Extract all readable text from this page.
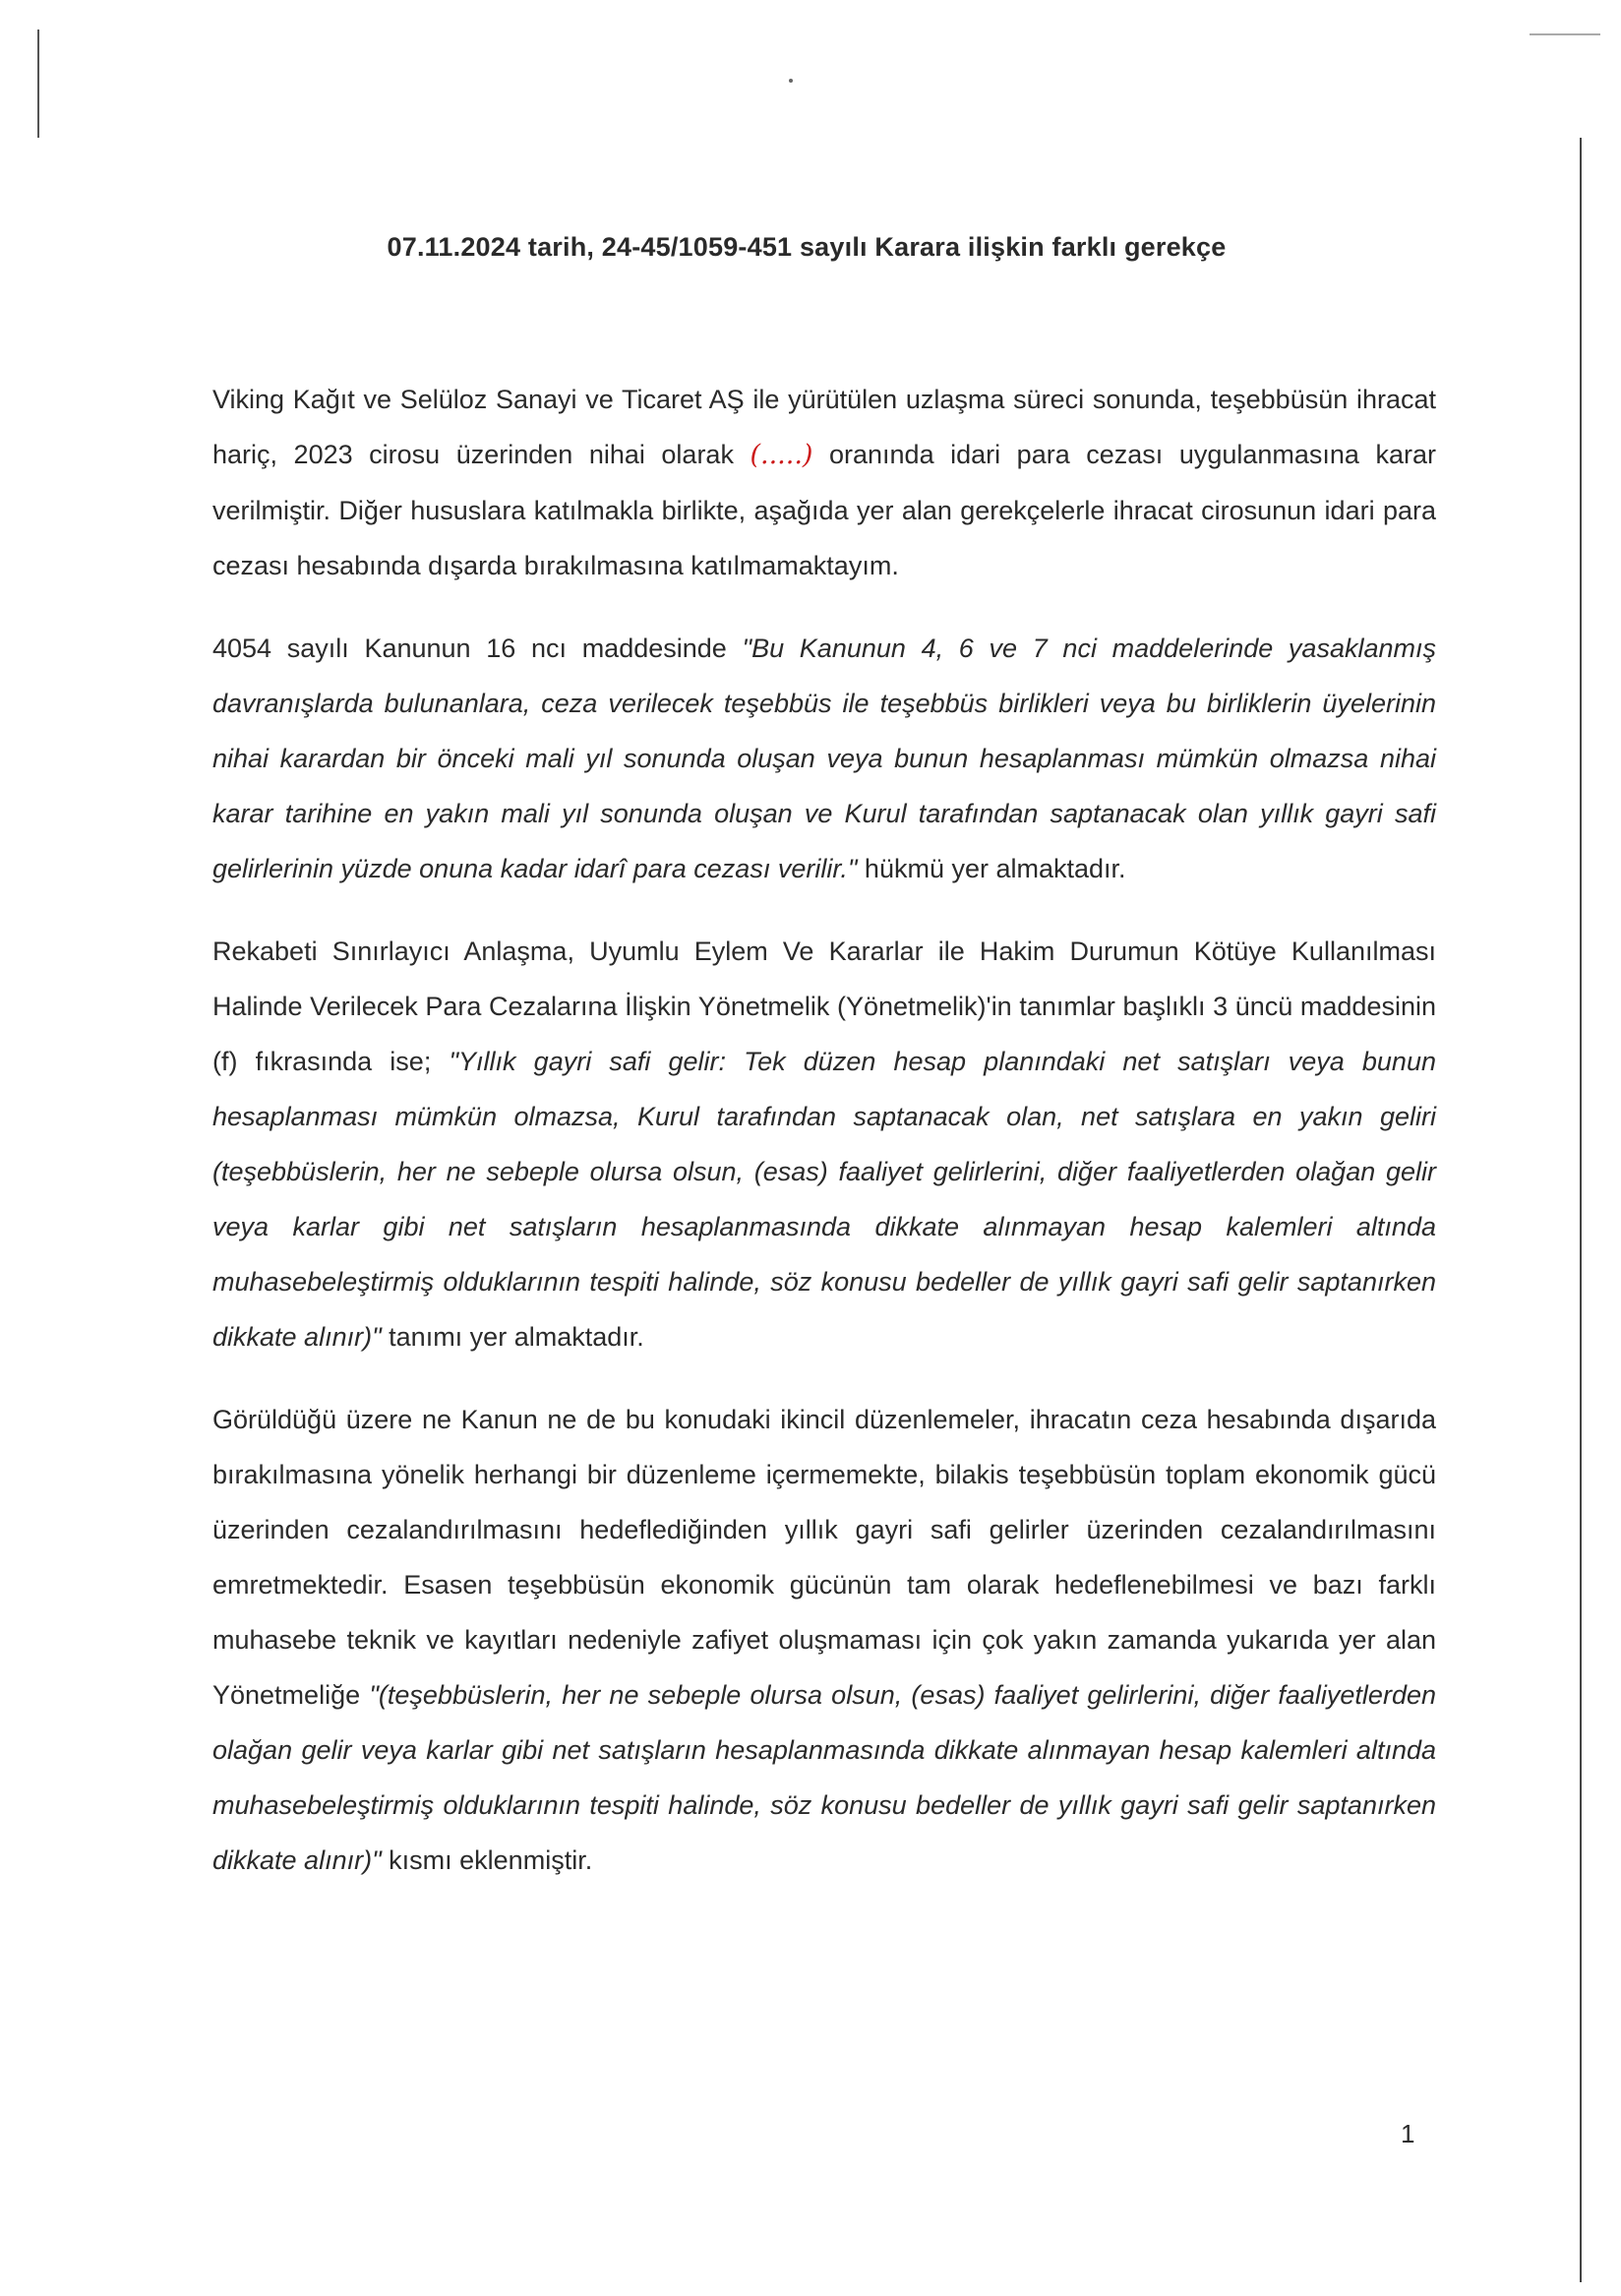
07.11.2024 tarih, 24-45/1059-451 sayılı Karara ilişkin farklı gerekçe

Viking Kağıt ve Selüloz Sanayi ve Ticaret AŞ ile yürütülen uzlaşma süreci sonunda, teşebbüsün ihracat hariç, 2023 cirosu üzerinden nihai olarak (.....) oranında idari para cezası uygulanmasına karar verilmiştir. Diğer hususlara katılmakla birlikte, aşağıda yer alan gerekçelerle ihracat cirosunun idari para cezası hesabında dışarda bırakılmasına katılmamaktayım.

4054 sayılı Kanunun 16 ncı maddesinde "Bu Kanunun 4, 6 ve 7 nci maddelerinde yasaklanmış davranışlarda bulunanlara, ceza verilecek teşebbüs ile teşebbüs birlikleri veya bu birliklerin üyelerinin nihai karardan bir önceki mali yıl sonunda oluşan veya bunun hesaplanması mümkün olmazsa nihai karar tarihine en yakın mali yıl sonunda oluşan ve Kurul tarafından saptanacak olan yıllık gayri safi gelirlerinin yüzde onuna kadar idarî para cezası verilir." hükmü yer almaktadır.

Rekabeti Sınırlayıcı Anlaşma, Uyumlu Eylem Ve Kararlar ile Hakim Durumun Kötüye Kullanılması Halinde Verilecek Para Cezalarına İlişkin Yönetmelik (Yönetmelik)'in tanımlar başlıklı 3 üncü maddesinin (f) fıkrasında ise; "Yıllık gayri safi gelir: Tek düzen hesap planındaki net satışları veya bunun hesaplanması mümkün olmazsa, Kurul tarafından saptanacak olan, net satışlara en yakın geliri (teşebbüslerin, her ne sebeple olursa olsun, (esas) faaliyet gelirlerini, diğer faaliyetlerden olağan gelir veya karlar gibi net satışların hesaplanmasında dikkate alınmayan hesap kalemleri altında muhasebeleştirmiş olduklarının tespiti halinde, söz konusu bedeller de yıllık gayri safi gelir saptanırken dikkate alınır)" tanımı yer almaktadır.

Görüldüğü üzere ne Kanun ne de bu konudaki ikincil düzenlemeler, ihracatın ceza hesabında dışarıda bırakılmasına yönelik herhangi bir düzenleme içermemekte, bilakis teşebbüsün toplam ekonomik gücü üzerinden cezalandırılmasını hedeflediğinden yıllık gayri safi gelirler üzerinden cezalandırılmasını emretmektedir. Esasen teşebbüsün ekonomik gücünün tam olarak hedeflenebilmesi ve bazı farklı muhasebe teknik ve kayıtları nedeniyle zafiyet oluşmaması için çok yakın zamanda yukarıda yer alan Yönetmeliğe "(teşebbüslerin, her ne sebeple olursa olsun, (esas) faaliyet gelirlerini, diğer faaliyetlerden olağan gelir veya karlar gibi net satışların hesaplanmasında dikkate alınmayan hesap kalemleri altında muhasebeleştirmiş olduklarının tespiti halinde, söz konusu bedeller de yıllık gayri safi gelir saptanırken dikkate alınır)" kısmı eklenmiştir.

1
